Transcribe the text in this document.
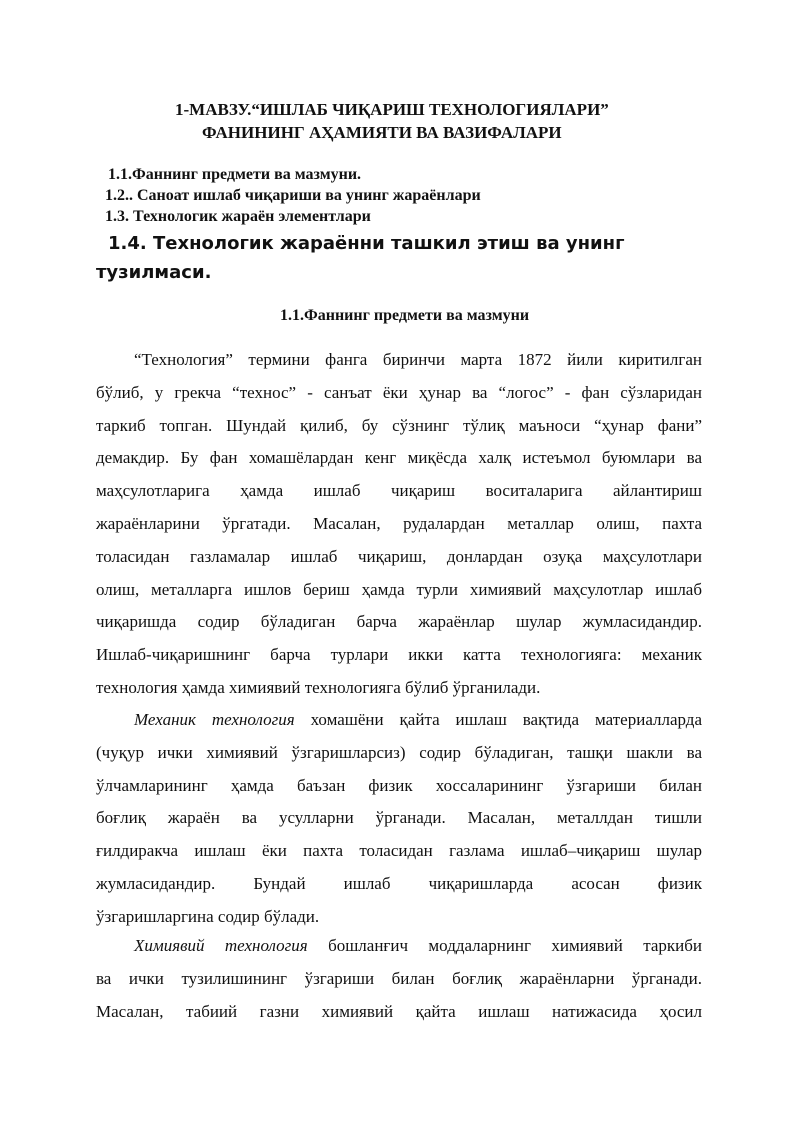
1-МАВЗУ.“ИШЛАБ ЧИҚАРИШ ТЕХНОЛОГИЯЛАРИ”
ФАНИНИНГ АҲАМИЯТИ ВА ВАЗИФАЛАРИ
1.1.Фаннинг предмети ва мазмуни.
1.2.. Саноат ишлаб чиқариши ва унинг жараёнлари
1.3. Технологик жараён элементлари
1.4. Технологик жараённи ташкил этиш ва унинг тузилмаси.
1.1.Фаннинг предмети ва мазмуни
“Технология” термини фанга биринчи марта 1872 йили киритилган
бўлиб, у грекча “технос” - санъат ёки ҳунар ва “логос” - фан сўзларидан
таркиб топган. Шундай қилиб, бу сўзнинг тўлиқ маъноси “ҳунар фани”
демакдир. Бу фан хомашёлардан кенг миқёсда халқ истеъмол буюмлари ва
маҳсулотларига ҳамда ишлаб чиқариш воситаларига айлантириш
жараёнларини ўргатади. Масалан, рудалардан металлар олиш, пахта
толасидан газламалар ишлаб чиқариш, донлардан озуқа маҳсулотлари
олиш, металларга ишлов бериш ҳамда турли химиявий маҳсулотлар ишлаб
чиқаришда содир бўладиган барча жараёнлар шулар жумласидандир.
Ишлаб-чиқаришнинг барча турлари икки катта технологияга: механик
технология ҳамда химиявий технологияга бўлиб ўрганилади.
Механик технология хомашёни қайта ишлаш вақтида материалларда
(чуқур ички химиявий ўзгаришларсиз) содир бўладиган, ташқи шакли ва
ўлчамларининг ҳамда баъзан физик хоссаларининг ўзгариши билан
боғлиқ жараён ва усулларни ўрганади. Масалан, металлдан тишли
ғилдиракча ишлаш ёки пахта толасидан газлама ишлаб–чиқариш шулар
жумласидандир. Бундай ишлаб чиқаришларда асосан физик
ўзгаришларгина содир бўлади.
Химиявий технология бошланғич моддаларнинг химиявий таркиби
ва ички тузилишининг ўзгариши билан боғлиқ жараёнларни ўрганади.
Масалан, табиий газни химиявий қайта ишлаш натижасида ҳосил
